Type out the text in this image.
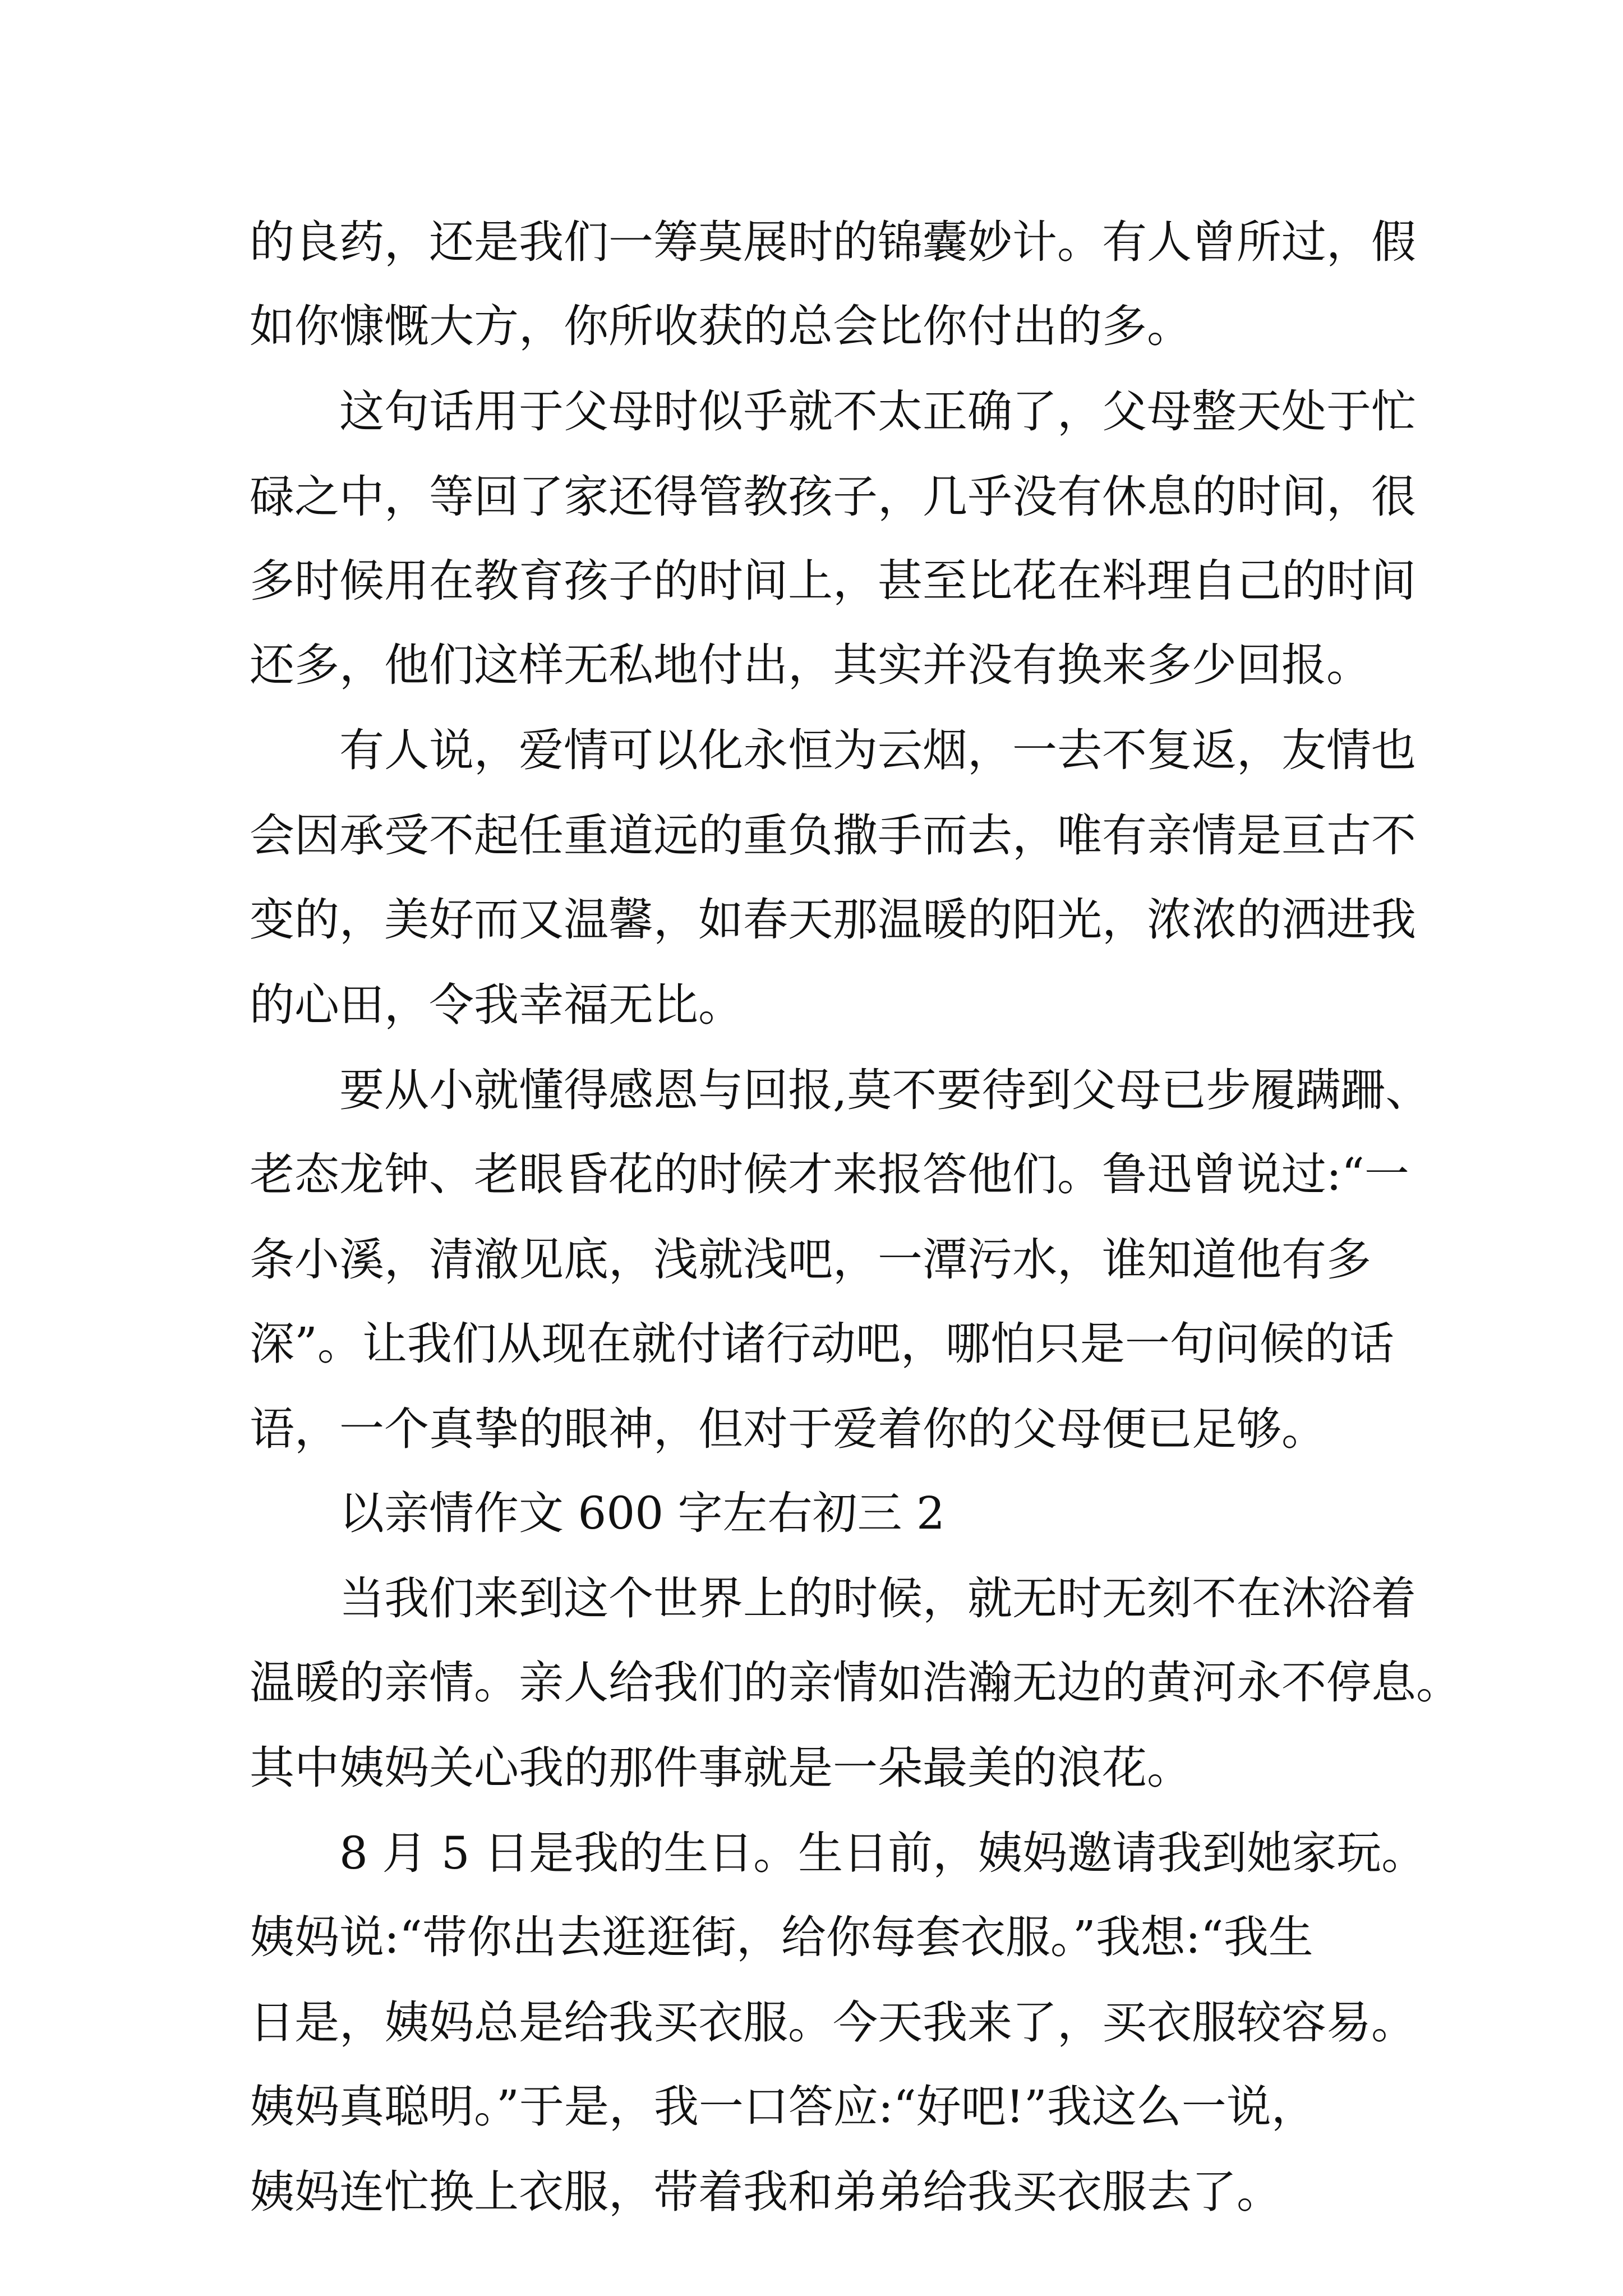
的良药，还是我们一筹莫展时的锦囊妙计。有人曾所过，假
如你慷慨大方，你所收获的总会比你付出的多。
这句话用于父母时似乎就不太正确了，父母整天处于忙
碌之中，等回了家还得管教孩子，几乎没有休息的时间，很
多时候用在教育孩子的时间上，甚至比花在料理自己的时间
还多，他们这样无私地付出，其实并没有换来多少回报。
有人说，爱情可以化永恒为云烟，一去不复返，友情也
会因承受不起任重道远的重负撒手而去，唯有亲情是亘古不
变的，美好而又温馨，如春天那温暖的阳光，浓浓的洒进我
的心田，令我幸福无比。
要从小就懂得感恩与回报,莫不要待到父母已步履蹒跚、
老态龙钟、老眼昏花的时候才来报答他们。鲁迅曾说过:“一
条小溪，清澈见底，浅就浅吧，一潭污水，谁知道他有多
深”。让我们从现在就付诸行动吧，哪怕只是一句问候的话
语，一个真挚的眼神，但对于爱着你的父母便已足够。
以亲情作文 600 字左右初三 2
当我们来到这个世界上的时候，就无时无刻不在沐浴着
温暖的亲情。亲人给我们的亲情如浩瀚无边的黄河永不停息。
其中姨妈关心我的那件事就是一朵最美的浪花。
8 月 5 日是我的生日。生日前，姨妈邀请我到她家玩。
姨妈说:“带你出去逛逛街，给你每套衣服。”我想:“我生
日是，姨妈总是给我买衣服。今天我来了，买衣服较容易。
姨妈真聪明。”于是，我一口答应:“好吧!”我这么一说，
姨妈连忙换上衣服，带着我和弟弟给我买衣服去了。
